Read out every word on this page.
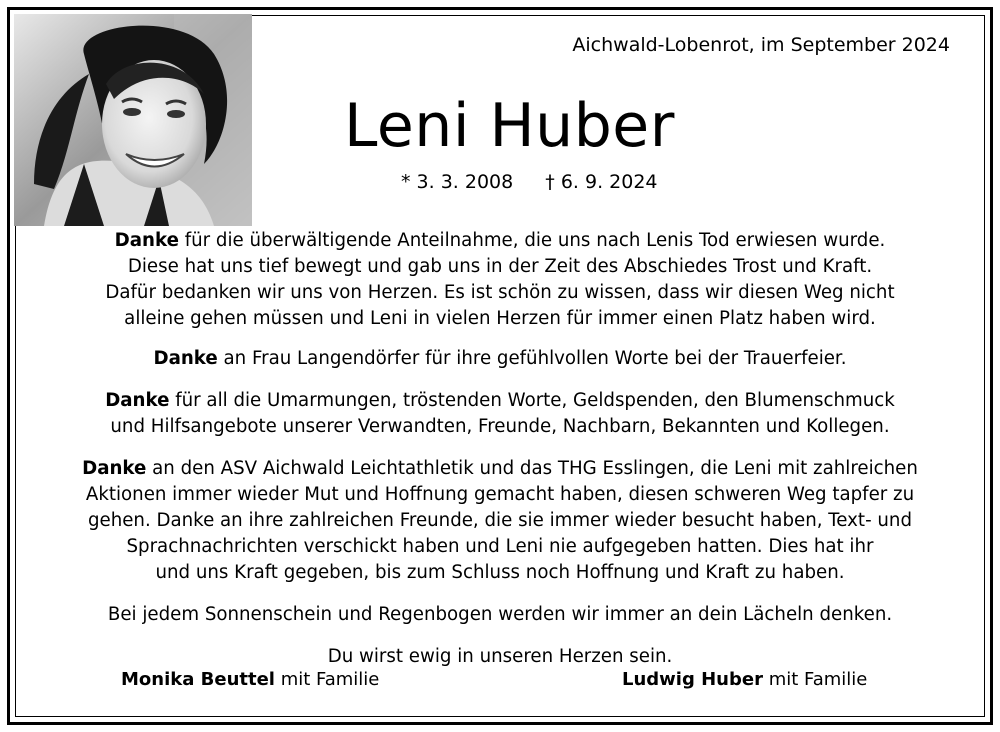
Aichwald-Lobenrot, im September 2024
Leni Huber
* 3. 3. 2008 † 6. 9. 2024

Danke für die überwältigende Anteilnahme, die uns nach Lenis Tod erwiesen wurde.
Diese hat uns tief bewegt und gab uns in der Zeit des Abschiedes Trost und Kraft.
Dafür bedanken wir uns von Herzen. Es ist schön zu wissen, dass wir diesen Weg nicht
alleine gehen müssen und Leni in vielen Herzen für immer einen Platz haben wird.

Danke an Frau Langendörfer für ihre gefühlvollen Worte bei der Trauerfeier.

Danke für all die Umarmungen, tröstenden Worte, Geldspenden, den Blumenschmuck
und Hilfsangebote unserer Verwandten, Freunde, Nachbarn, Bekannten und Kollegen.

Danke an den ASV Aichwald Leichtathletik und das THG Esslingen, die Leni mit zahlreichen
Aktionen immer wieder Mut und Hoffnung gemacht haben, diesen schweren Weg tapfer zu
gehen. Danke an ihre zahlreichen Freunde, die sie immer wieder besucht haben, Text- und
Sprachnachrichten verschickt haben und Leni nie aufgegeben hatten. Dies hat ihr
und uns Kraft gegeben, bis zum Schluss noch Hoffnung und Kraft zu haben.

Bei jedem Sonnenschein und Regenbogen werden wir immer an dein Lächeln denken.

Du wirst ewig in unseren Herzen sein.

Monika Beuttel mit Familie	Ludwig Huber mit Familie
